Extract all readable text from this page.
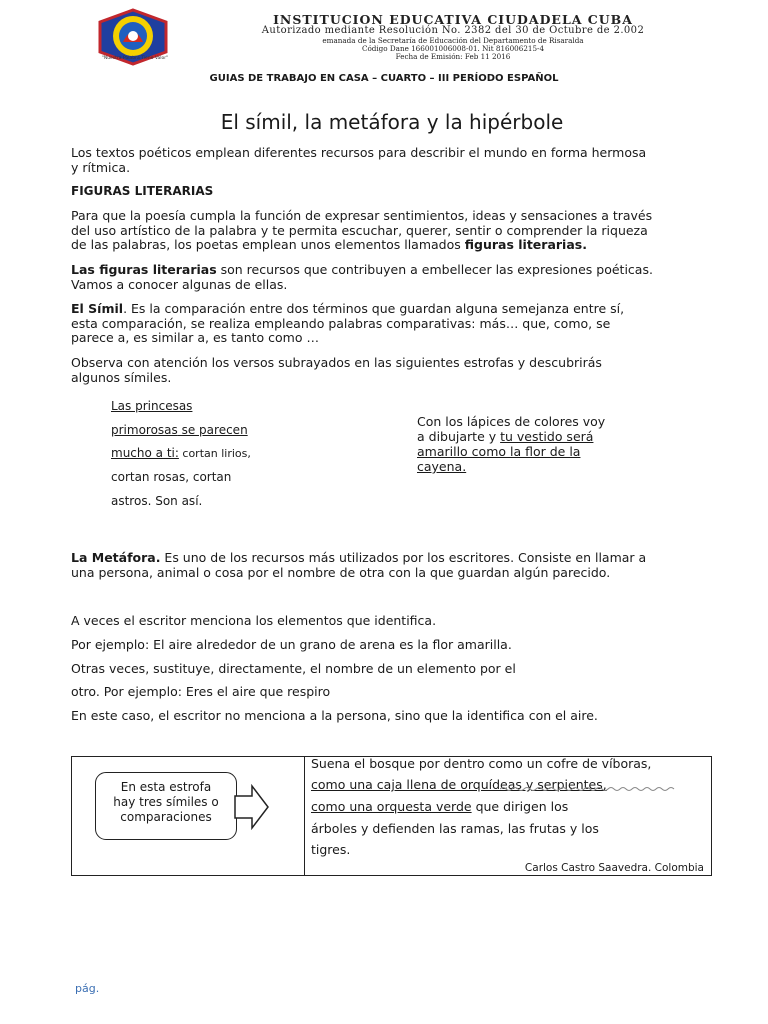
"Nuestra Palabra Tiene Valor"
INSTITUCION EDUCATIVA CIUDADELA CUBA
Autorizado mediante Resolución No. 2382 del 30 de Octubre de 2.002
emanada de la Secretaría de Educación del Departamento de Risaralda
Código Dane 166001006008-01. Nit 816006215-4
Fecha de Emisión: Feb 11 2016
GUIAS DE TRABAJO EN CASA – CUARTO – III PERÍODO ESPAÑOL
El símil, la metáfora y la hipérbole
Los textos poéticos emplean diferentes recursos para describir el mundo en forma hermosa
y rítmica.
FIGURAS LITERARIAS
Para que la poesía cumpla la función de expresar sentimientos, ideas y sensaciones a través
del uso artístico de la palabra y te permita escuchar, querer, sentir o comprender la riqueza
de las palabras, los poetas emplean unos elementos llamados figuras literarias.
Las figuras literarias son recursos que contribuyen a embellecer las expresiones poéticas.
Vamos a conocer algunas de ellas.
El Símil. Es la comparación entre dos términos que guardan alguna semejanza entre sí,
esta comparación, se realiza empleando palabras comparativas: más… que, como, se
parece a, es similar a, es tanto como …
Observa con atención los versos subrayados en las siguientes estrofas y descubrirás
algunos símiles.
Las princesas
primorosas se parecen
mucho a ti: cortan lirios,
cortan rosas, cortan
astros. Son así.
Con los lápices de colores voy
a dibujarte y tu vestido será
amarillo como la flor de la
cayena.
La Metáfora. Es uno de los recursos más utilizados por los escritores. Consiste en llamar a
una persona, animal o cosa por el nombre de otra con la que guardan algún parecido.
A veces el escritor menciona los elementos que identifica.
Por ejemplo: El aire alrededor de un grano de arena es la flor amarilla.
Otras veces, sustituye, directamente, el nombre de un elemento por el
otro. Por ejemplo: Eres el aire que respiro
En este caso, el escritor no menciona a la persona, sino que la identifica con el aire.
En esta estrofa
hay tres símiles o
comparaciones
Suena el bosque por dentro como un cofre de víboras,
como una caja llena de orquídeas y serpientes,
como una orquesta verde que dirigen los
árboles y defienden las ramas, las frutas y los
tigres.
Carlos Castro Saavedra. Colombia
pág.
